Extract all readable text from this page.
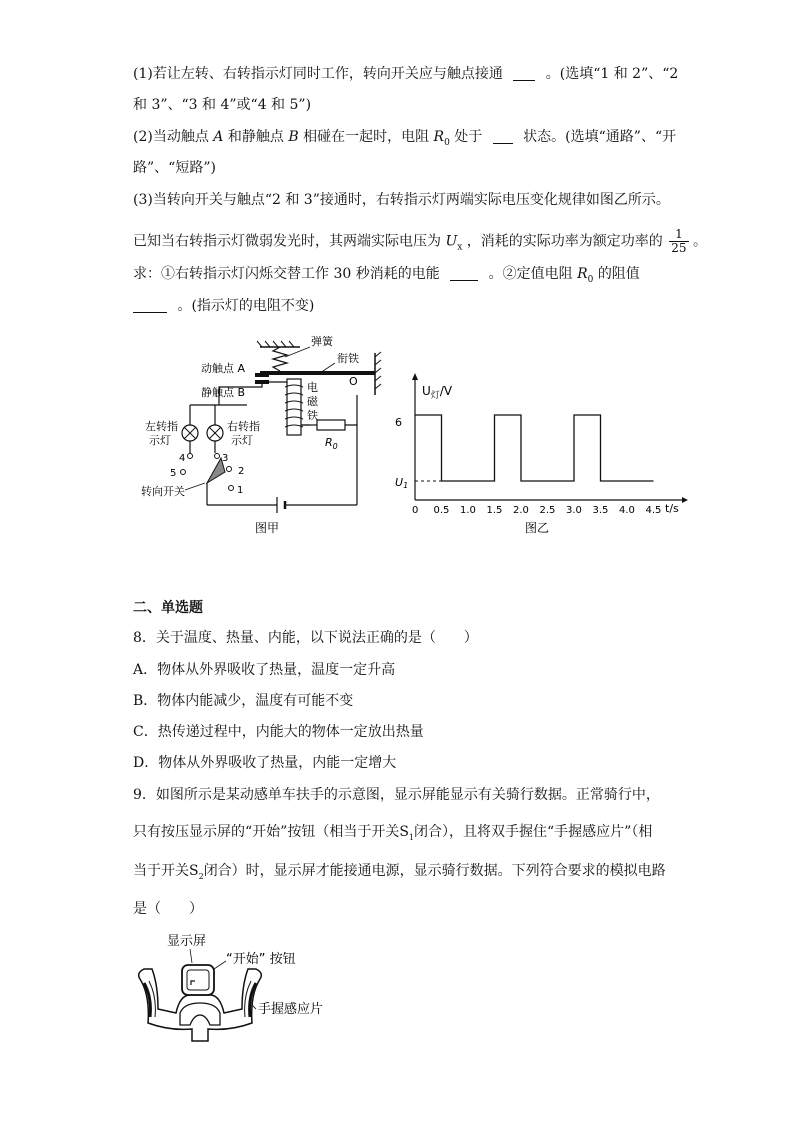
(1)若让左转、右转指示灯同时工作，转向开关应与触点接通	。(选填“1 和 2”、“2
和 3”、“3 和 4”或“4 和 5”)
(2)当动触点 A 和静触点 B 相碰在一起时，电阻 $R_0$ 处于	状态。(选填“通路”、“开
路”、“短路”)
(3)当转向开关与触点“2 和 3”接通时，右转指示灯两端实际电压变化规律如图乙所示。
已知当右转指示灯微弱发光时，其两端实际电压为 $U_x$ ，消耗的实际功率为额定功率的 $\frac{1}{25}$ 。
求：①右转指示灯闪烁交替工作 30 秒消耗的电能	。②定值电阻 $R_0$ 的阻值
。(指示灯的电阻不变)
弹簧
衔铁
O
动触点 A
静触点 B	电
磁
铁
$R_0$
左转指
示灯
右转指
示灯
4	3
2
1
5
转向开关
图甲
$U_灯/V$
t/s
6
U1
0 0.5 1.0 1.5 2.0 2.5 3.0 3.5 4.0 4.5
图乙
二、单选题
8．关于温度、热量、内能，以下说法正确的是（　　）
A．物体从外界吸收了热量，温度一定升高
B．物体内能减少，温度有可能不变
C．热传递过程中，内能大的物体一定放出热量
D．物体从外界吸收了热量，内能一定增大
9．如图所示是某动感单车扶手的示意图，显示屏能显示有关骑行数据。正常骑行中，
只有按压显示屏的“开始”按钮（相当于开关$S_1$闭合），且将双手握住“手握感应片”（相
当于开关$S_2$闭合）时，显示屏才能接通电源，显示骑行数据。下列符合要求的模拟电路
是（　　）
显示屏
“开始” 按钮
手握感应片
